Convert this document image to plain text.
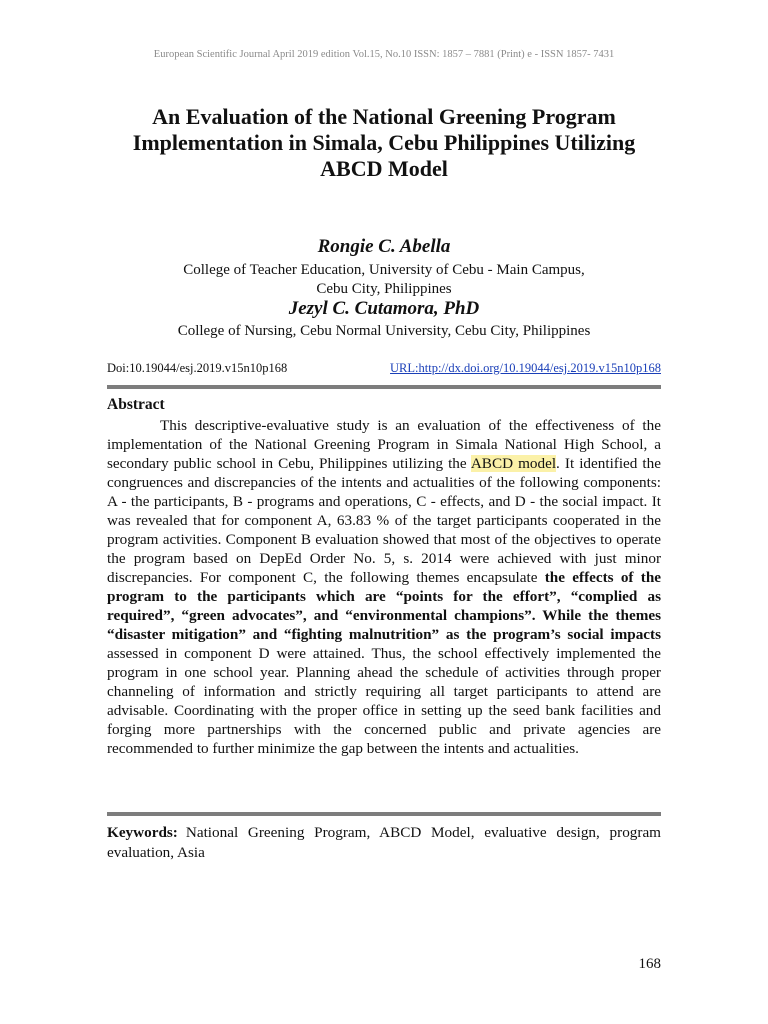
European Scientific Journal April 2019 edition Vol.15, No.10 ISSN: 1857 – 7881 (Print) e - ISSN 1857- 7431
An Evaluation of the National Greening Program
Implementation in Simala, Cebu Philippines Utilizing
ABCD Model
Rongie C. Abella
College of Teacher Education, University of Cebu - Main Campus,
Cebu City, Philippines
Jezyl C. Cutamora, PhD
College of Nursing, Cebu Normal University, Cebu City, Philippines
Doi:10.19044/esj.2019.v15n10p168	URL:http://dx.doi.org/10.19044/esj.2019.v15n10p168
Abstract

This descriptive-evaluative study is an evaluation of the effectiveness of the implementation of the National Greening Program in Simala National High School, a secondary public school in Cebu, Philippines utilizing the ABCD model. It identified the congruences and discrepancies of the intents and actualities of the following components: A - the participants, B - programs and operations, C - effects, and D - the social impact. It was revealed that for component A, 63.83 % of the target participants cooperated in the program activities. Component B evaluation showed that most of the objectives to operate the program based on DepEd Order No. 5, s. 2014 were achieved with just minor discrepancies. For component C, the following themes encapsulate the effects of the program to the participants which are “points for the effort”, “complied as required”, “green advocates”, and “environmental champions”. While the themes “disaster mitigation” and “fighting malnutrition” as the program’s social impacts assessed in component D were attained. Thus, the school effectively implemented the program in one school year. Planning ahead the schedule of activities through proper channeling of information and strictly requiring all target participants to attend are advisable. Coordinating with the proper office in setting up the seed bank facilities and forging more partnerships with the concerned public and private agencies are recommended to further minimize the gap between the intents and actualities.

Keywords: National Greening Program, ABCD Model, evaluative design, program evaluation, Asia
168
